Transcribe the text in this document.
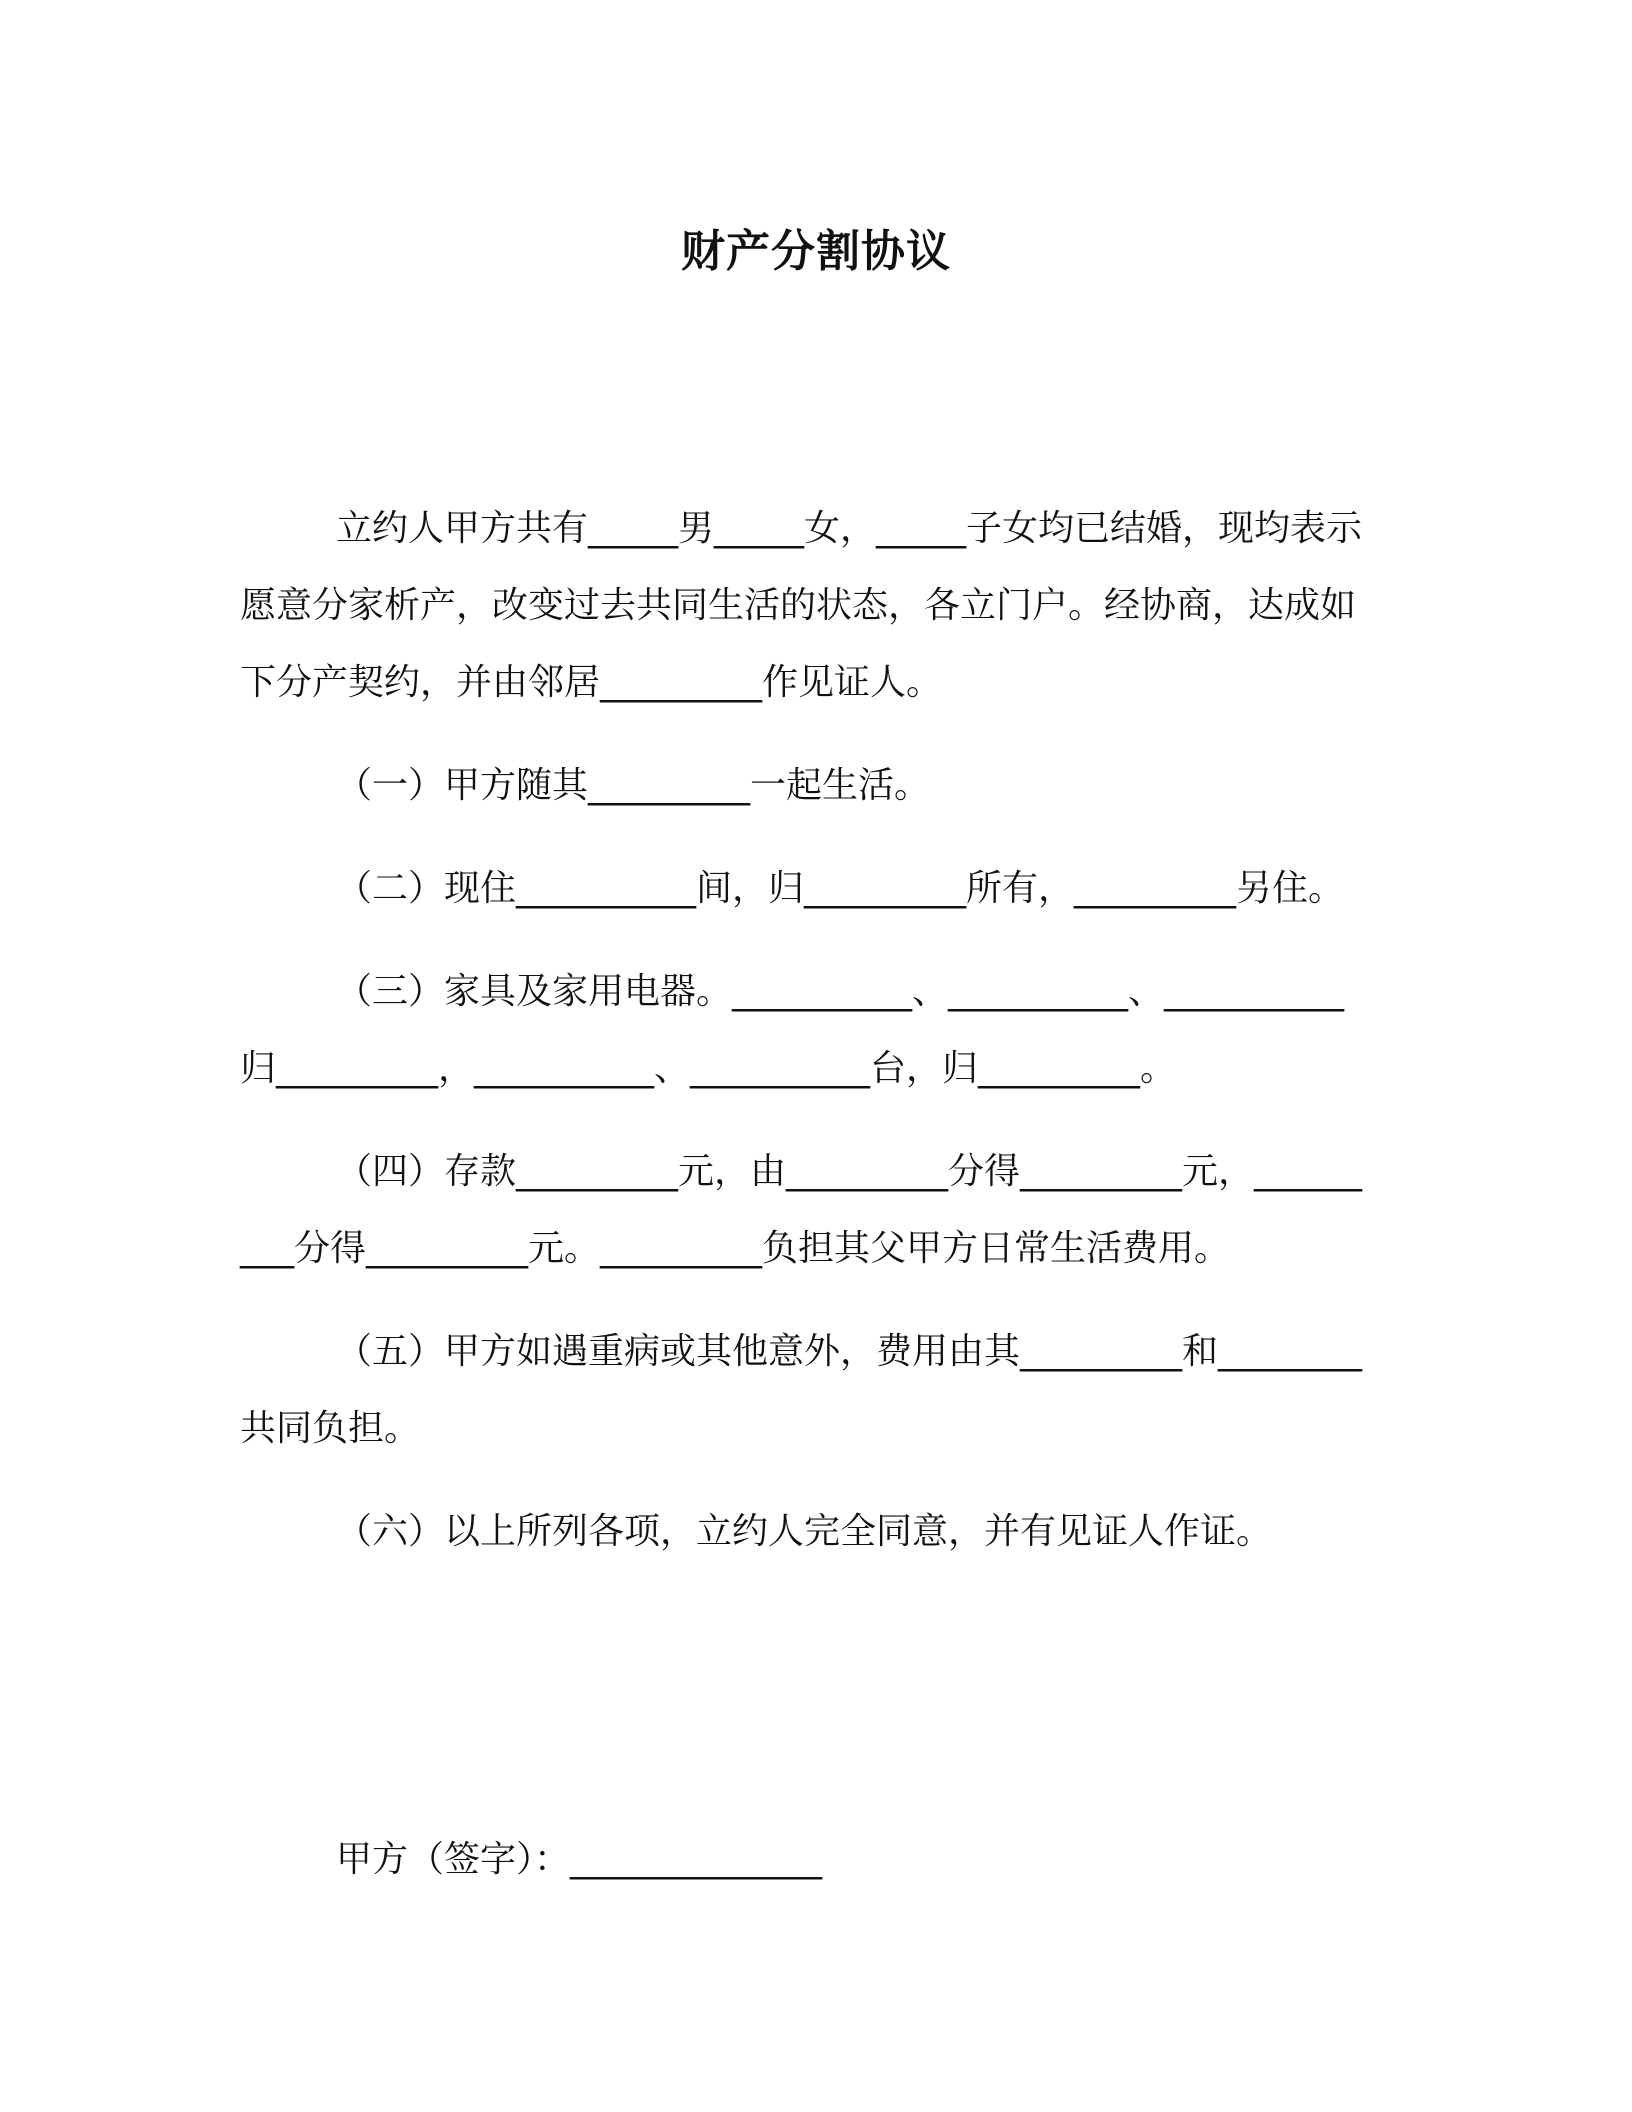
财产分割协议

立约人甲方共有_____男_____女，_____子女均已结婚，现均表示愿意分家析产，改变过去共同生活的状态，各立门户。经协商，达成如下分产契约，并由邻居_________作见证人。

（一）甲方随其_________一起生活。

（二）现住__________间，归_________所有，_________另住。

（三）家具及家用电器。__________、__________、__________归_________，__________、__________台，归_________。

（四）存款_________元，由_________分得_________元，_________分得_________元。_________负担其父甲方日常生活费用。

（五）甲方如遇重病或其他意外，费用由其_________和________共同负担。

（六）以上所列各项，立约人完全同意，并有见证人作证。

甲方（签字）：______________
